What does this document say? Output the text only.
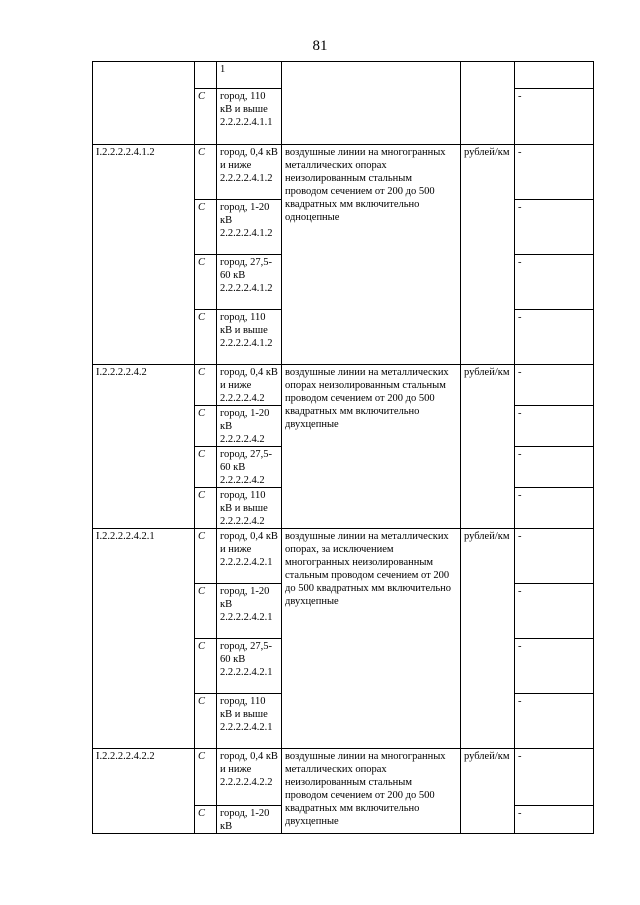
81
		1			
	С	город, 110 кВ и выше 2.2.2.2.4.1.1			-
I.2.2.2.2.4.1.2	С	город, 0,4 кВ и ниже 2.2.2.2.4.1.2	воздушные линии на многогранных металлических опорах неизолированным стальным проводом сечением от 200 до 500 квадратных мм включительно одноцепные	рублей/км	-
	С	город, 1-20 кВ 2.2.2.2.4.1.2			-
	С	город, 27,5-60 кВ 2.2.2.2.4.1.2			-
	С	город, 110 кВ и выше 2.2.2.2.4.1.2			-
I.2.2.2.2.4.2	С	город, 0,4 кВ и ниже 2.2.2.2.4.2	воздушные линии на металлических опорах неизолированным стальным проводом сечением от 200 до 500 квадратных мм включительно двухцепные	рублей/км	-
	С	город, 1-20 кВ 2.2.2.2.4.2			-
	С	город, 27,5-60 кВ 2.2.2.2.4.2			-
	С	город, 110 кВ и выше 2.2.2.2.4.2			-
I.2.2.2.2.4.2.1	С	город, 0,4 кВ и ниже 2.2.2.2.4.2.1	воздушные линии на металлических опорах, за исключением многогранных неизолированным стальным проводом сечением от 200 до 500 квадратных мм включительно двухцепные	рублей/км	-
	С	город, 1-20 кВ 2.2.2.2.4.2.1			-
	С	город, 27,5-60 кВ 2.2.2.2.4.2.1			-
	С	город, 110 кВ и выше 2.2.2.2.4.2.1			-
I.2.2.2.2.4.2.2	С	город, 0,4 кВ и ниже 2.2.2.2.4.2.2	воздушные линии на многогранных металлических опорах неизолированным стальным проводом сечением от 200 до 500 квадратных мм включительно двухцепные	рублей/км	-
	С	город, 1-20 кВ			-
